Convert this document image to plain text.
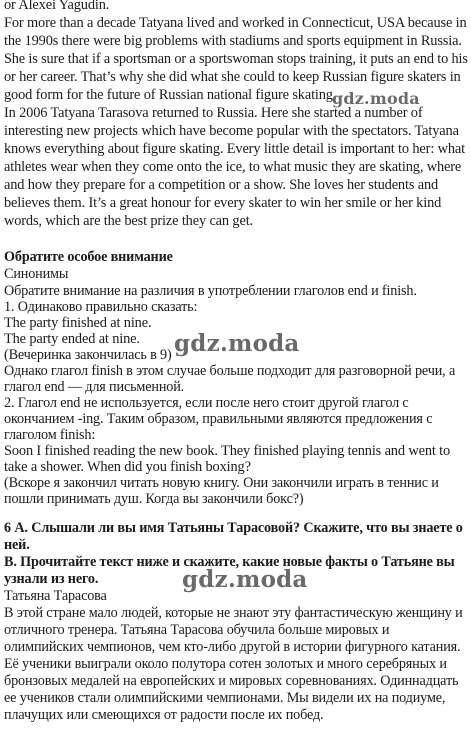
or Alexei Yagudin.
For more than a decade Tatyana lived and worked in Connecticut, USA because in
the 1990s there were big problems with stadiums and sports equipment in Russia.
She is sure that if a sportsman or a sportswoman stops training, it puts an end to his
or her career. That’s why she did what she could to keep Russian figure skaters in
good form for the future of Russian national figure skating.
In 2006 Tatyana Tarasova returned to Russia. Here she started a number of
interesting new projects which have become popular with the spectators. Tatyana
knows everything about figure skating. Every little detail is important to her: what
athletes wear when they come onto the ice, to what music they are skating, where
and how they prepare for a competition or a show. She loves her students and
believes them. It’s a great honour for every skater to win her smile or her kind
words, which are the best prize they can get.
Обратите особое внимание
Синонимы
Обратите внимание на различия в употреблении глаголов end и finish.
1. Одинаково правильно сказать:
The party finished at nine.
The party ended at nine.
(Вечеринка закончилась в 9)
Однако глагол finish в этом случае больше подходит для разговорной речи, а
глагол end — для письменной.
2. Глагол end не используется, если после него стоит другой глагол с
окончанием -ing. Таким образом, правильными являются предложения с
глаголом finish:
Soon I finished reading the new book. They finished playing tennis and went to
take a shower. When did you finish boxing?
(Вскоре я закончил читать новую книгу. Они закончили играть в теннис и
пошли принимать душ. Когда вы закончили бокс?)
6 А. Слышали ли вы имя Татьяны Тарасовой? Скажите, что вы знаете о
ней.
В. Прочитайте текст ниже и скажите, какие новые факты о Татьяне вы
узнали из него.
Татьяна Тарасова
В этой стране мало людей, которые не знают эту фантастическую женщину и
отличного тренера. Татьяна Тарасова обучила больше мировых и
олимпийских чемпионов, чем кто-либо другой в истории фигурного катания.
Её ученики выиграли около полутора сотен золотых и много серебряных и
бронзовых медалей на европейских и мировых соревнованиях. Одиннадцать
ее учеников стали олимпийскими чемпионами. Мы видели их на подиуме,
плачущих или смеющихся от радости после их побед.
gdz.moda
gdz.moda
gdz.moda
